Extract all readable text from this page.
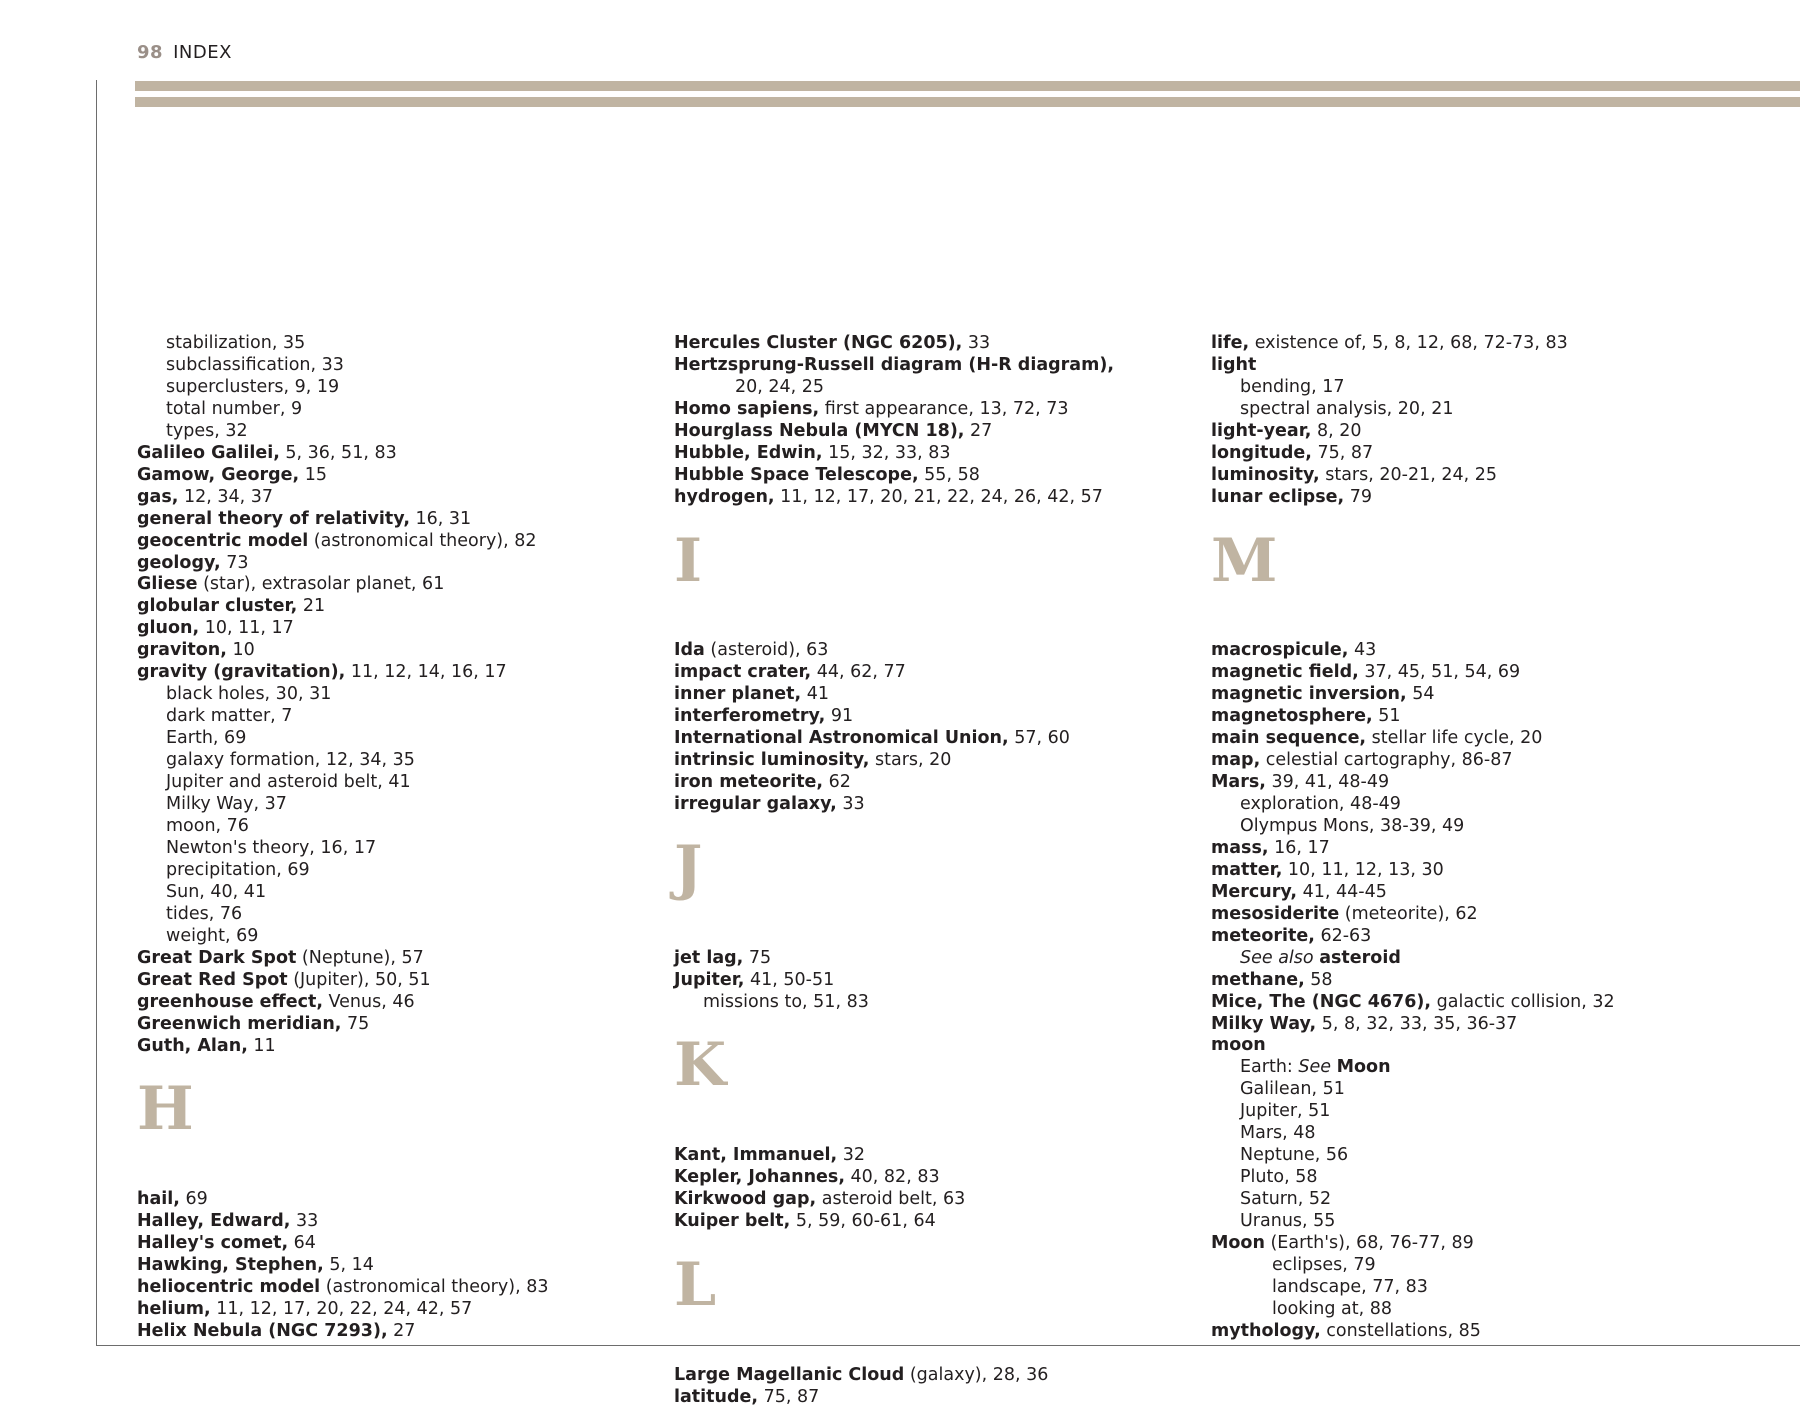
98 INDEX
stabilization, 35
subclassification, 33
superclusters, 9, 19
total number, 9
types, 32
Galileo Galilei, 5, 36, 51, 83
Gamow, George, 15
gas, 12, 34, 37
general theory of relativity, 16, 31
geocentric model (astronomical theory), 82
geology, 73
Gliese (star), extrasolar planet, 61
globular cluster, 21
gluon, 10, 11, 17
graviton, 10
gravity (gravitation), 11, 12, 14, 16, 17
black holes, 30, 31
dark matter, 7
Earth, 69
galaxy formation, 12, 34, 35
Jupiter and asteroid belt, 41
Milky Way, 37
moon, 76
Newton's theory, 16, 17
precipitation, 69
Sun, 40, 41
tides, 76
weight, 69
Great Dark Spot (Neptune), 57
Great Red Spot (Jupiter), 50, 51
greenhouse effect, Venus, 46
Greenwich meridian, 75
Guth, Alan, 11
H
hail, 69
Halley, Edward, 33
Halley's comet, 64
Hawking, Stephen, 5, 14
heliocentric model (astronomical theory), 83
helium, 11, 12, 17, 20, 22, 24, 42, 57
Helix Nebula (NGC 7293), 27
Hercules Cluster (NGC 6205), 33
Hertzsprung-Russell diagram (H-R diagram),
20, 24, 25
Homo sapiens, first appearance, 13, 72, 73
Hourglass Nebula (MYCN 18), 27
Hubble, Edwin, 15, 32, 33, 83
Hubble Space Telescope, 55, 58
hydrogen, 11, 12, 17, 20, 21, 22, 24, 26, 42, 57
I
Ida (asteroid), 63
impact crater, 44, 62, 77
inner planet, 41
interferometry, 91
International Astronomical Union, 57, 60
intrinsic luminosity, stars, 20
iron meteorite, 62
irregular galaxy, 33
J
jet lag, 75
Jupiter, 41, 50-51
missions to, 51, 83
K
Kant, Immanuel, 32
Kepler, Johannes, 40, 82, 83
Kirkwood gap, asteroid belt, 63
Kuiper belt, 5, 59, 60-61, 64
L
Large Magellanic Cloud (galaxy), 28, 36
latitude, 75, 87
life, existence of, 5, 8, 12, 68, 72-73, 83
light
bending, 17
spectral analysis, 20, 21
light-year, 8, 20
longitude, 75, 87
luminosity, stars, 20-21, 24, 25
lunar eclipse, 79
M
macrospicule, 43
magnetic field, 37, 45, 51, 54, 69
magnetic inversion, 54
magnetosphere, 51
main sequence, stellar life cycle, 20
map, celestial cartography, 86-87
Mars, 39, 41, 48-49
exploration, 48-49
Olympus Mons, 38-39, 49
mass, 16, 17
matter, 10, 11, 12, 13, 30
Mercury, 41, 44-45
mesosiderite (meteorite), 62
meteorite, 62-63
See also asteroid
methane, 58
Mice, The (NGC 4676), galactic collision, 32
Milky Way, 5, 8, 32, 33, 35, 36-37
moon
Earth: See Moon
Galilean, 51
Jupiter, 51
Mars, 48
Neptune, 56
Pluto, 58
Saturn, 52
Uranus, 55
Moon (Earth's), 68, 76-77, 89
eclipses, 79
landscape, 77, 83
looking at, 88
mythology, constellations, 85
